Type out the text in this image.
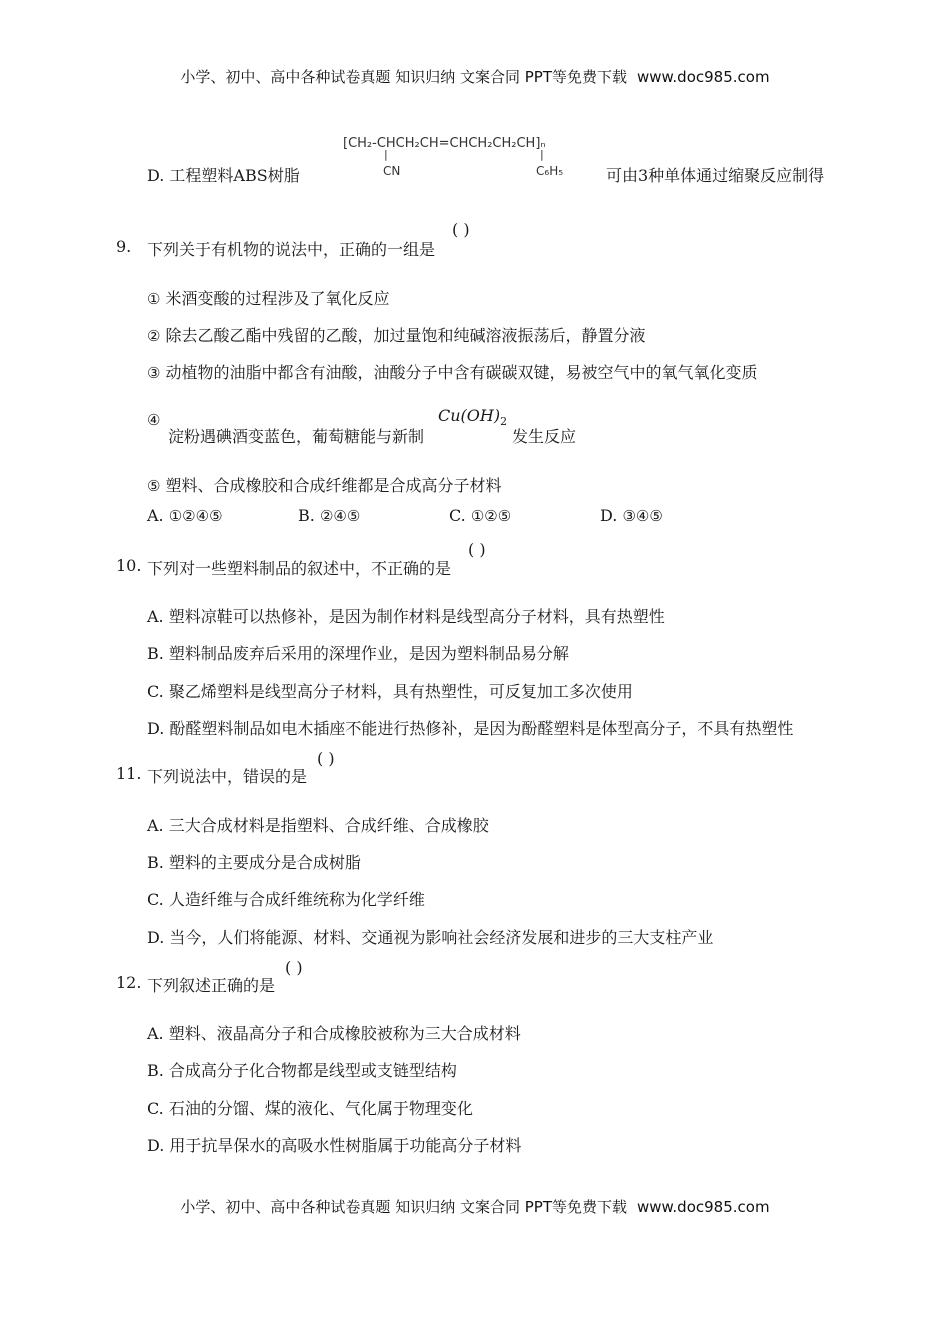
小学、初中、高中各种试卷真题 知识归纳 文案合同 PPT等免费下载 www.doc985.com
D. 工程塑料ABS树脂
[CH₂-CHCH₂CH=CHCH₂CH₂CH]ₙ
|
CN
|
C₆H₅	可由3种单体通过缩聚反应制得
9. 下列关于有机物的说法中，正确的一组是
( )
① 米酒变酸的过程涉及了氧化反应
② 除去乙酸乙酯中残留的乙酸，加过量饱和纯碱溶液振荡后，静置分液
③ 动植物的油脂中都含有油酸，油酸分子中含有碳碳双键，易被空气中的氧气氧化变质
④
淀粉遇碘酒变蓝色，葡萄糖能与新制
$Cu(OH)_2$
发生反应
⑤ 塑料、合成橡胶和合成纤维都是合成高分子材料
A. ①②④⑤	B. ②④⑤	C. ①②⑤	D. ③④⑤
10. 下列对一些塑料制品的叙述中，不正确的是
( )
A. 塑料凉鞋可以热修补，是因为制作材料是线型高分子材料，具有热塑性
B. 塑料制品废弃后采用的深埋作业，是因为塑料制品易分解
C. 聚乙烯塑料是线型高分子材料，具有热塑性，可反复加工多次使用
D. 酚醛塑料制品如电木插座不能进行热修补，是因为酚醛塑料是体型高分子，不具有热塑性
11. 下列说法中，错误的是
( )
A. 三大合成材料是指塑料、合成纤维、合成橡胶
B. 塑料的主要成分是合成树脂
C. 人造纤维与合成纤维统称为化学纤维
D. 当今，人们将能源、材料、交通视为影响社会经济发展和进步的三大支柱产业
12. 下列叙述正确的是
( )
A. 塑料、液晶高分子和合成橡胶被称为三大合成材料
B. 合成高分子化合物都是线型或支链型结构
C. 石油的分馏、煤的液化、气化属于物理变化
D. 用于抗旱保水的高吸水性树脂属于功能高分子材料
小学、初中、高中各种试卷真题 知识归纳 文案合同 PPT等免费下载 www.doc985.com
